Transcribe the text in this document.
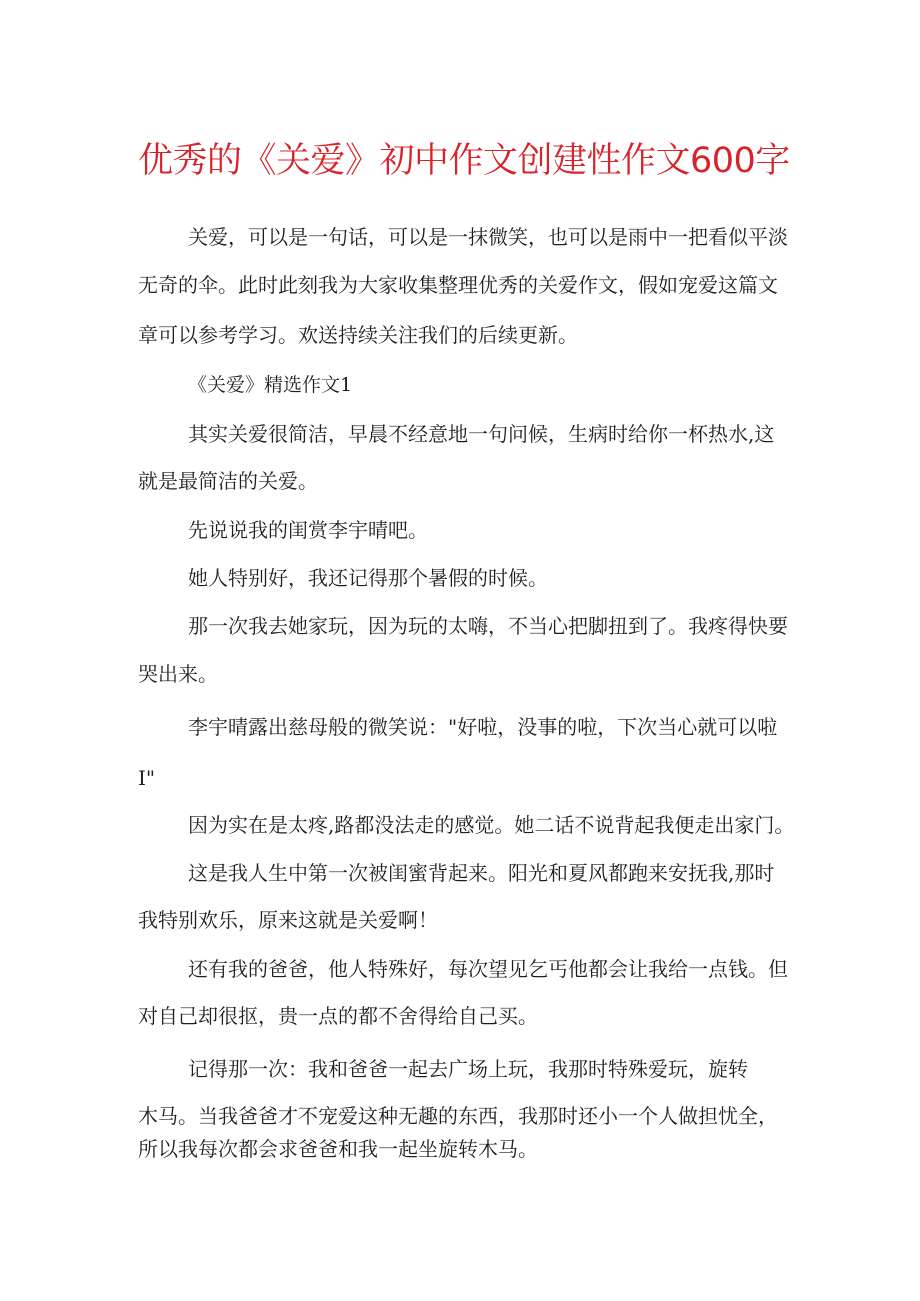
优秀的《关爱》初中作文创建性作文600字

关爱，可以是一句话，可以是一抹微笑，也可以是雨中一把看似平淡

无奇的伞。此时此刻我为大家收集整理优秀的关爱作文，假如宠爱这篇文

章可以参考学习。欢送持续关注我们的后续更新。

《关爱》精选作文1

其实关爱很简洁，早晨不经意地一句问候，生病时给你一杯热水,这

就是最简洁的关爱。

先说说我的闺赏李宇晴吧。

她人特别好，我还记得那个暑假的时候。

那一次我去她家玩，因为玩的太嗨，不当心把脚扭到了。我疼得快要

哭出来。

李宇晴露出慈母般的微笑说："好啦，没事的啦，下次当心就可以啦

I"

因为实在是太疼,路都没法走的感觉。她二话不说背起我便走出家门。

这是我人生中第一次被闺蜜背起来。阳光和夏风都跑来安抚我,那时

我特别欢乐，原来这就是关爱啊！

还有我的爸爸，他人特殊好，每次望见乞丐他都会让我给一点钱。但

对自己却很抠，贵一点的都不舍得给自己买。

记得那一次：我和爸爸一起去广场上玩，我那时特殊爱玩，旋转

木马。当我爸爸才不宠爱这种无趣的东西，我那时还小一个人做担忧全，

所以我每次都会求爸爸和我一起坐旋转木马。
